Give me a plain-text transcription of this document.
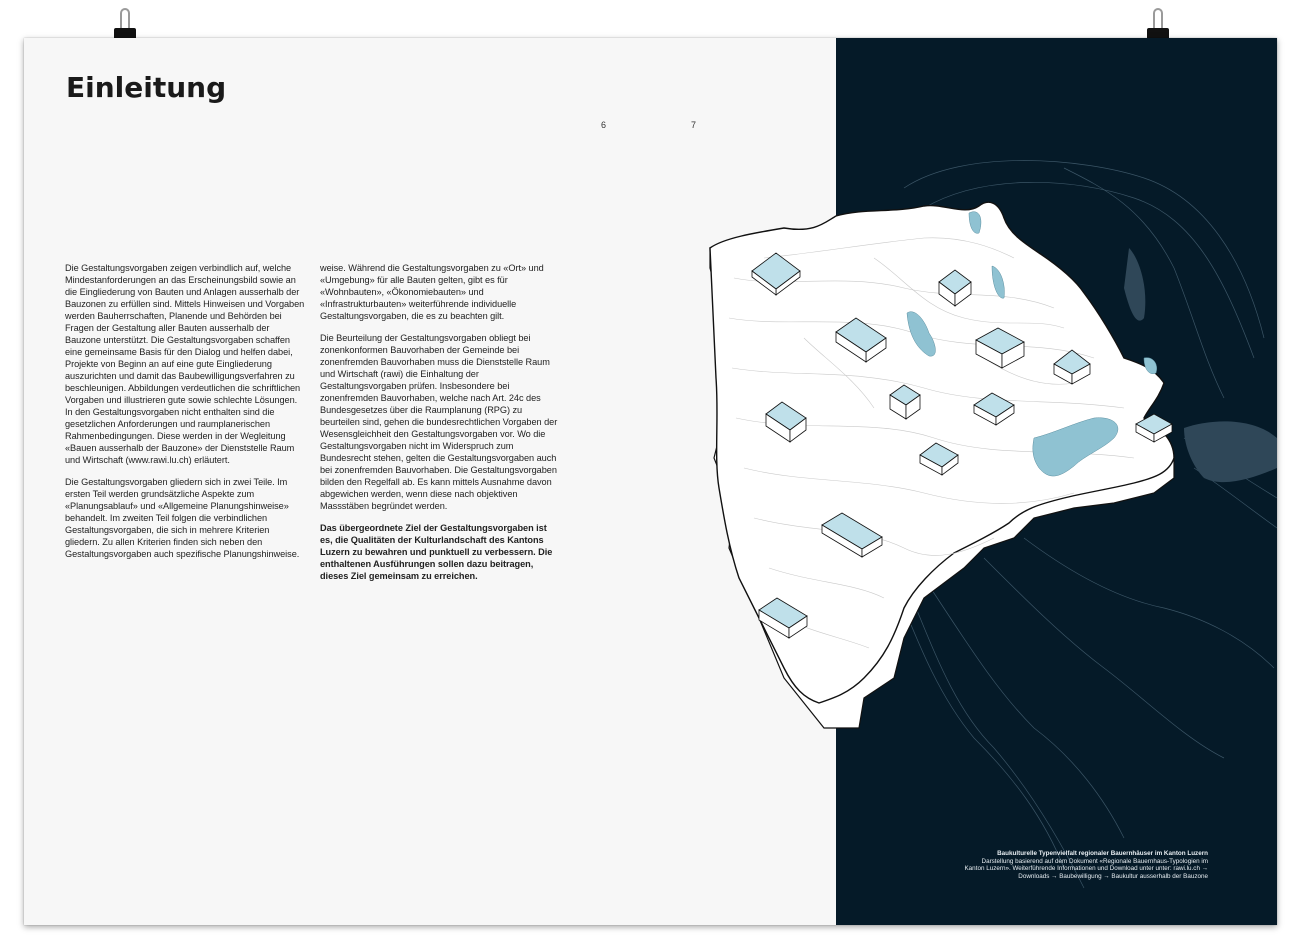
Einleitung
6	7

Die Gestaltungsvorgaben zeigen verbindlich auf, welche Mindestanforderungen an das Erscheinungsbild sowie an die Eingliederung von Bauten und Anlagen ausserhalb der Bauzonen zu erfüllen sind. Mittels Hinweisen und Vorgaben werden Bauherrschaften, Planende und Behörden bei Fragen der Gestaltung aller Bauten ausserhalb der Bauzone unterstützt. Die Gestaltungsvorgaben schaffen eine gemeinsame Basis für den Dialog und helfen dabei, Projekte von Beginn an auf eine gute Eingliederung auszurichten und damit das Baubewilligungsverfahren zu beschleunigen. Abbildungen verdeutlichen die schriftlichen Vorgaben und illustrieren gute sowie schlechte Lösungen. In den Gestaltungsvorgaben nicht enthalten sind die gesetzlichen Anforderungen und raumplanerischen Rahmenbedingungen. Diese werden in der Wegleitung «Bauen ausserhalb der Bauzone» der Dienststelle Raum und Wirtschaft (www.rawi.lu.ch) erläutert.

Die Gestaltungsvorgaben gliedern sich in zwei Teile. Im ersten Teil werden grundsätzliche Aspekte zum «Planungsablauf» und «Allgemeine Planungshinweise» behandelt. Im zweiten Teil folgen die verbindlichen Gestaltungsvorgaben, die sich in mehrere Kriterien gliedern. Zu allen Kriterien finden sich neben den Gestaltungsvorgaben auch spezifische Planungshinweise.

weise. Während die Gestaltungsvorgaben zu «Ort» und «Umgebung» für alle Bauten gelten, gibt es für «Wohnbauten», «Ökonomiebauten» und «Infrastrukturbauten» weiterführende individuelle Gestaltungsvorgaben, die es zu beachten gilt.

Die Beurteilung der Gestaltungsvorgaben obliegt bei zonenkonformen Bauvorhaben der Gemeinde bei zonenfremden Bauvorhaben muss die Dienststelle Raum und Wirtschaft (rawi) die Einhaltung der Gestaltungsvorgaben prüfen. Insbesondere bei zonenfremden Bauvorhaben, welche nach Art. 24c des Bundesgesetzes über die Raumplanung (RPG) zu beurteilen sind, gehen die bundesrechtlichen Vorgaben der Wesensgleichheit den Gestaltungsvorgaben vor. Wo die Gestaltungsvorgaben nicht im Widerspruch zum Bundesrecht stehen, gelten die Gestaltungsvorgaben auch bei zonenfremden Bauvorhaben. Die Gestaltungsvorgaben bilden den Regelfall ab. Es kann mittels Ausnahme davon abgewichen werden, wenn diese nach objektiven Massstäben begründet werden.

Das übergeordnete Ziel der Gestaltungsvorgaben ist es, die Qualitäten der Kulturlandschaft des Kantons Luzern zu bewahren und punktuell zu verbessern. Die enthaltenen Ausführungen sollen dazu beitragen, dieses Ziel gemeinsam zu erreichen.

Baukulturelle Typenvielfalt regionaler Bauernhäuser im Kanton Luzern
Darstellung basierend auf dem Dokument «Regionale Bauernhaus-Typologien im Kanton Luzern». Weiterführende Informationen und Download unter unter: rawi.lu.ch → Downloads → Baubewilligung → Baukultur ausserhalb der Bauzone
